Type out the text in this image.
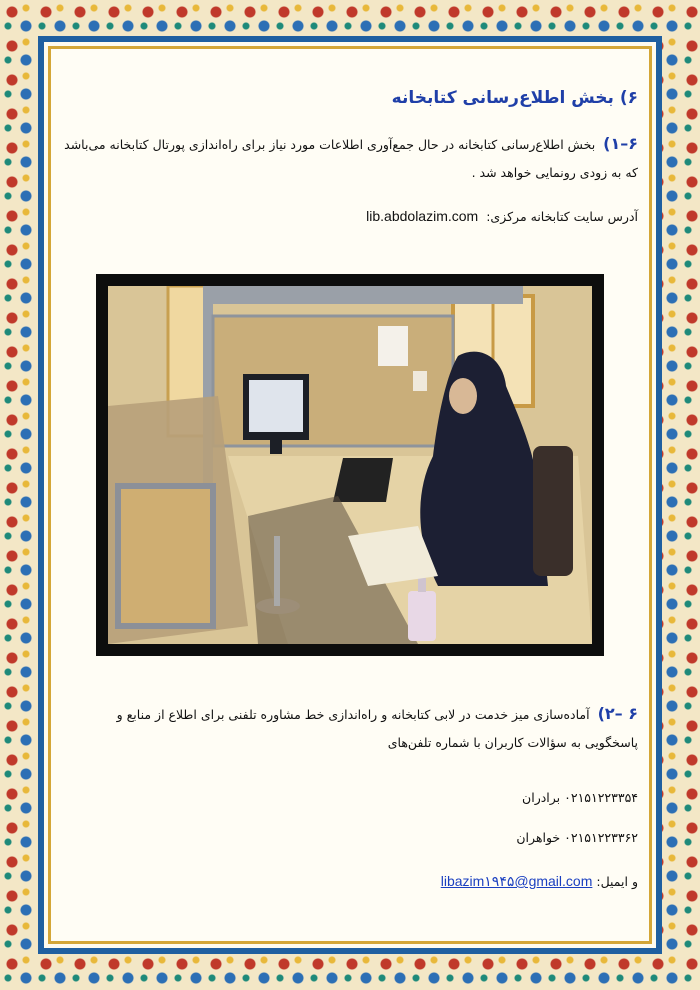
۶) بخش اطلاع‌رسانی کتابخانه
۶–۱) بخش اطلاع‌رسانی کتابخانه در حال جمع‌آوری اطلاعات مورد نیاز برای راه‌اندازی پورتال کتابخانه می‌باشد که به زودی رونمایی خواهد شد .
آدرس سایت کتابخانه مرکزی: lib.abdolazim.com
۶ –۲) آماده‌سازی میز خدمت در لابی کتابخانه و راه‌اندازی خط مشاوره تلفنی برای اطلاع از منابع و پاسخگویی به سؤالات کاربران با شماره تلفن‌های
۰۲۱۵۱۲۲۳۳۵۴ برادران
۰۲۱۵۱۲۲۳۳۶۲ خواهران
و ایمیل: libazim۱۹۴۵@gmail.com
